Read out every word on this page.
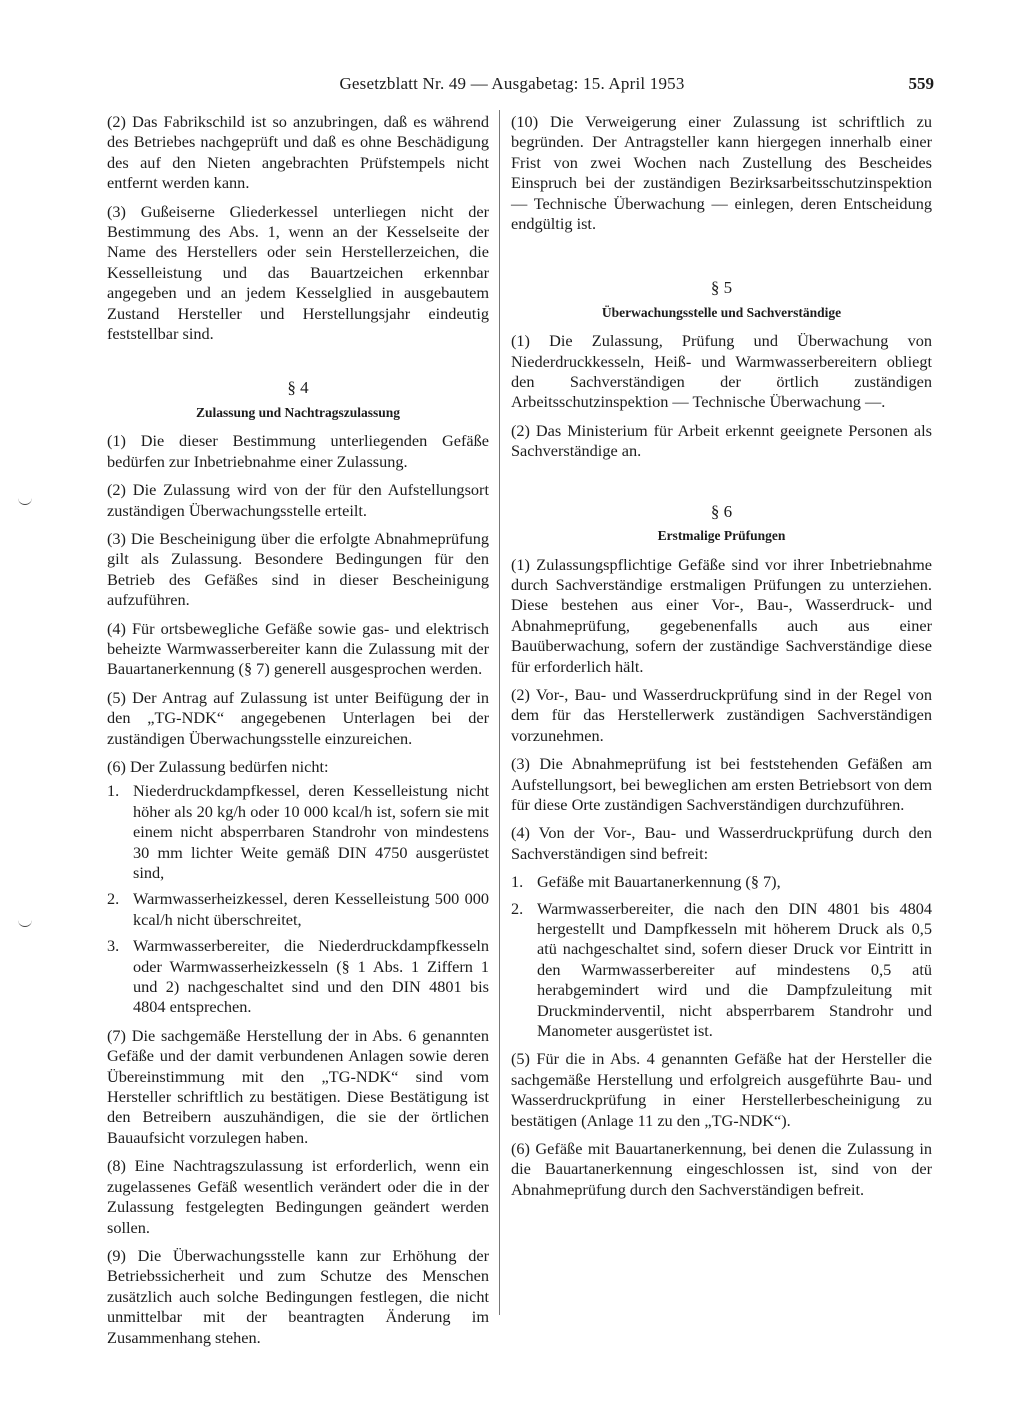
Gesetzblatt Nr. 49 — Ausgabetag: 15. April 1953	559

(2) Das Fabrikschild ist so anzubringen, daß es während des Betriebes nachgeprüft und daß es ohne Beschädigung des auf den Nieten angebrachten Prüfstempels nicht entfernt werden kann.

(3) Gußeiserne Gliederkessel unterliegen nicht der Bestimmung des Abs. 1, wenn an der Kesselseite der Name des Herstellers oder sein Herstellerzeichen, die Kesselleistung und das Bauartzeichen erkennbar angegeben und an jedem Kesselglied in ausgebautem Zustand Hersteller und Herstellungsjahr eindeutig feststellbar sind.

§ 4
Zulassung und Nachtragszulassung

(1) Die dieser Bestimmung unterliegenden Gefäße bedürfen zur Inbetriebnahme einer Zulassung.

(2) Die Zulassung wird von der für den Aufstellungsort zuständigen Überwachungsstelle erteilt.

(3) Die Bescheinigung über die erfolgte Abnahmeprüfung gilt als Zulassung. Besondere Bedingungen für den Betrieb des Gefäßes sind in dieser Bescheinigung aufzuführen.

(4) Für ortsbewegliche Gefäße sowie gas- und elektrisch beheizte Warmwasserbereiter kann die Zulassung mit der Bauartanerkennung (§ 7) generell ausgesprochen werden.

(5) Der Antrag auf Zulassung ist unter Beifügung der in den „TG-NDK“ angegebenen Unterlagen bei der zuständigen Überwachungsstelle einzureichen.

(6) Der Zulassung bedürfen nicht:

1. Niederdruckdampfkessel, deren Kesselleistung nicht höher als 20 kg/h oder 10 000 kcal/h ist, sofern sie mit einem nicht absperrbaren Standrohr von mindestens 30 mm lichter Weite gemäß DIN 4750 ausgerüstet sind,
2. Warmwasserheizkessel, deren Kesselleistung 500 000 kcal/h nicht überschreitet,
3. Warmwasserbereiter, die Niederdruckdampfkesseln oder Warmwasserheizkesseln (§ 1 Abs. 1 Ziffern 1 und 2) nachgeschaltet sind und den DIN 4801 bis 4804 entsprechen.

(7) Die sachgemäße Herstellung der in Abs. 6 genannten Gefäße und der damit verbundenen Anlagen sowie deren Übereinstimmung mit den „TG-NDK“ sind vom Hersteller schriftlich zu bestätigen. Diese Bestätigung ist den Betreibern auszuhändigen, die sie der örtlichen Bauaufsicht vorzulegen haben.

(8) Eine Nachtragszulassung ist erforderlich, wenn ein zugelassenes Gefäß wesentlich verändert oder die in der Zulassung festgelegten Bedingungen geändert werden sollen.

(9) Die Überwachungsstelle kann zur Erhöhung der Betriebssicherheit und zum Schutze des Menschen zusätzlich auch solche Bedingungen festlegen, die nicht unmittelbar mit der beantragten Änderung im Zusammenhang stehen.

(10) Die Verweigerung einer Zulassung ist schriftlich zu begründen. Der Antragsteller kann hiergegen innerhalb einer Frist von zwei Wochen nach Zustellung des Bescheides Einspruch bei der zuständigen Bezirksarbeitsschutzinspektion — Technische Überwachung — einlegen, deren Entscheidung endgültig ist.

§ 5
Überwachungsstelle und Sachverständige

(1) Die Zulassung, Prüfung und Überwachung von Niederdruckkesseln, Heiß- und Warmwasserbereitern obliegt den Sachverständigen der örtlich zuständigen Arbeitsschutzinspektion — Technische Überwachung —.

(2) Das Ministerium für Arbeit erkennt geeignete Personen als Sachverständige an.

§ 6
Erstmalige Prüfungen

(1) Zulassungspflichtige Gefäße sind vor ihrer Inbetriebnahme durch Sachverständige erstmaligen Prüfungen zu unterziehen. Diese bestehen aus einer Vor-, Bau-, Wasserdruck- und Abnahmeprüfung, gegebenenfalls auch aus einer Bauüberwachung, sofern der zuständige Sachverständige diese für erforderlich hält.

(2) Vor-, Bau- und Wasserdruckprüfung sind in der Regel von dem für das Herstellerwerk zuständigen Sachverständigen vorzunehmen.

(3) Die Abnahmeprüfung ist bei feststehenden Gefäßen am Aufstellungsort, bei beweglichen am ersten Betriebsort von dem für diese Orte zuständigen Sachverständigen durchzuführen.

(4) Von der Vor-, Bau- und Wasserdruckprüfung durch den Sachverständigen sind befreit:

1. Gefäße mit Bauartanerkennung (§ 7),
2. Warmwasserbereiter, die nach den DIN 4801 bis 4804 hergestellt und Dampfkesseln mit höherem Druck als 0,5 atü nachgeschaltet sind, sofern dieser Druck vor Eintritt in den Warmwasserbereiter auf mindestens 0,5 atü herabgemindert wird und die Dampfzuleitung mit Druckminderventil, nicht absperrbarem Standrohr und Manometer ausgerüstet ist.

(5) Für die in Abs. 4 genannten Gefäße hat der Hersteller die sachgemäße Herstellung und erfolgreich ausgeführte Bau- und Wasserdruckprüfung in einer Herstellerbescheinigung zu bestätigen (Anlage 11 zu den „TG-NDK“).

(6) Gefäße mit Bauartanerkennung, bei denen die Zulassung in die Bauartanerkennung eingeschlossen ist, sind von der Abnahmeprüfung durch den Sachverständigen befreit.
